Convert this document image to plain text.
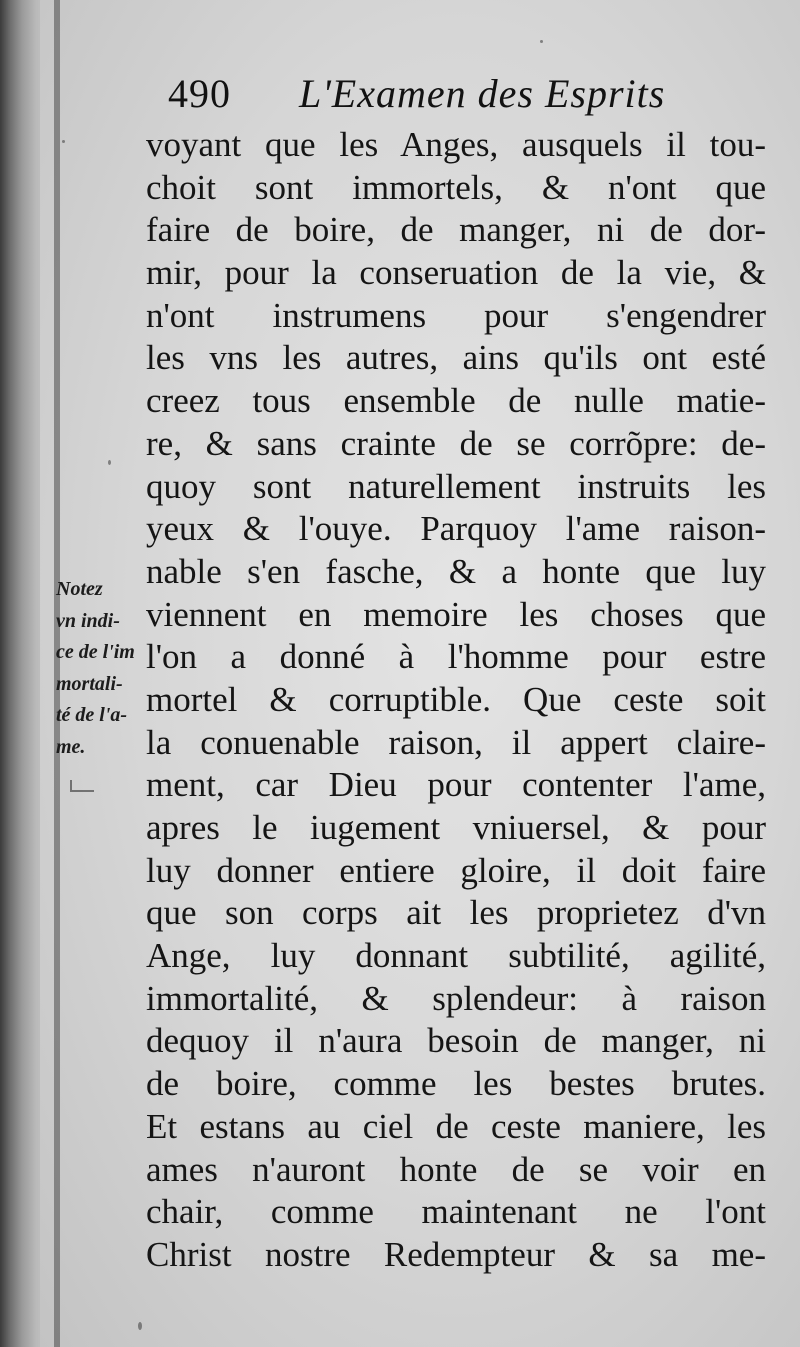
490 L'Examen des Esprits
Notez
vn indi-
ce de l'im
mortali-
té de l'a-
me.
voyant que les Anges, ausquels il tou-
choit sont immortels, & n'ont que
faire de boire, de manger, ni de dor-
mir, pour la conseruation de la vie, &
n'ont instrumens pour s'engendrer
les vns les autres, ains qu'ils ont esté
creez tous ensemble de nulle matie-
re, & sans crainte de se corrõpre: de-
quoy sont naturellement instruits les
yeux & l'ouye. Parquoy l'ame raison-
nable s'en fasche, & a honte que luy
viennent en memoire les choses que
l'on a donné à l'homme pour estre
mortel & corruptible. Que ceste soit
la conuenable raison, il appert claire-
ment, car Dieu pour contenter l'ame,
apres le iugement vniuersel, & pour
luy donner entiere gloire, il doit faire
que son corps ait les proprietez d'vn
Ange, luy donnant subtilité, agilité,
immortalité, & splendeur: à raison
dequoy il n'aura besoin de manger, ni
de boire, comme les bestes brutes.
Et estans au ciel de ceste maniere, les
ames n'auront honte de se voir en
chair, comme maintenant ne l'ont
Christ nostre Redempteur & sa me-
